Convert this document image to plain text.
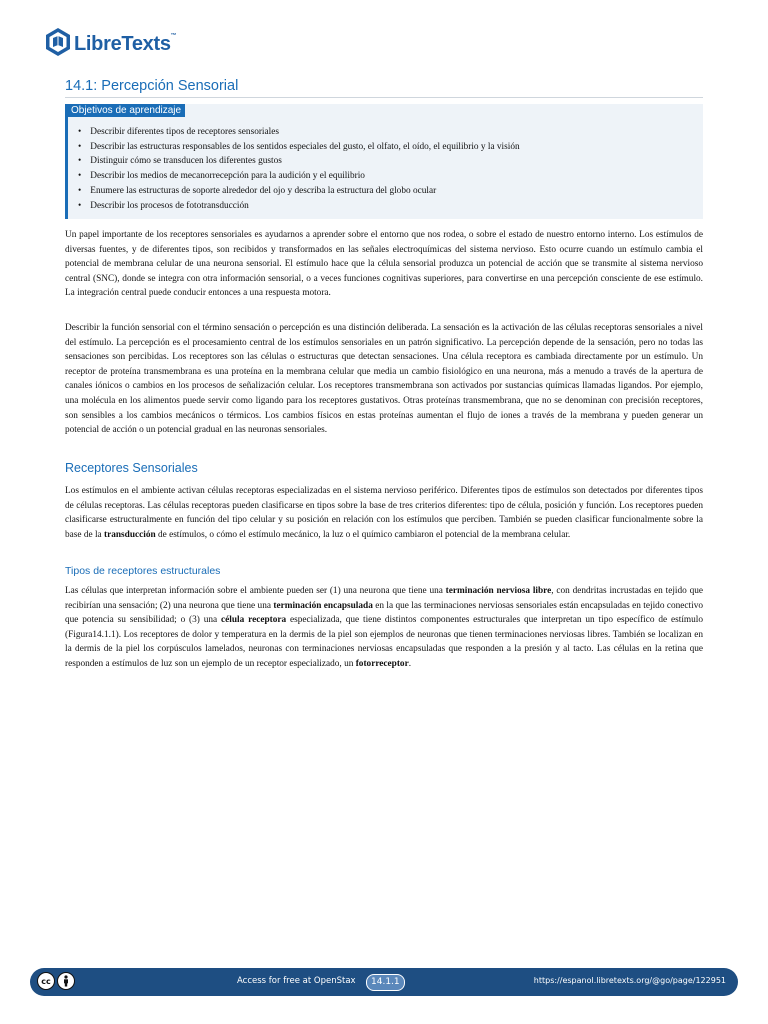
LibreTexts™
14.1: Percepción Sensorial
Objetivos de aprendizaje
• Describir diferentes tipos de receptores sensoriales
• Describir las estructuras responsables de los sentidos especiales del gusto, el olfato, el oído, el equilibrio y la visión
• Distinguir cómo se transducen los diferentes gustos
• Describir los medios de mecanorrecepción para la audición y el equilibrio
• Enumere las estructuras de soporte alrededor del ojo y describa la estructura del globo ocular
• Describir los procesos de fototransducción

Un papel importante de los receptores sensoriales es ayudarnos a aprender sobre el entorno que nos rodea, o sobre el estado de nuestro entorno interno. Los estímulos de diversas fuentes, y de diferentes tipos, son recibidos y transformados en las señales electroquímicas del sistema nervioso. Esto ocurre cuando un estímulo cambia el potencial de membrana celular de una neurona sensorial. El estímulo hace que la célula sensorial produzca un potencial de acción que se transmite al sistema nervioso central (SNC), donde se integra con otra información sensorial, o a veces funciones cognitivas superiores, para convertirse en una percepción consciente de ese estímulo. La integración central puede conducir entonces a una respuesta motora.

Describir la función sensorial con el término sensación o percepción es una distinción deliberada. La sensación es la activación de las células receptoras sensoriales a nivel del estímulo. La percepción es el procesamiento central de los estímulos sensoriales en un patrón significativo. La percepción depende de la sensación, pero no todas las sensaciones son percibidas. Los receptores son las células o estructuras que detectan sensaciones. Una célula receptora es cambiada directamente por un estímulo. Un receptor de proteína transmembrana es una proteína en la membrana celular que media un cambio fisiológico en una neurona, más a menudo a través de la apertura de canales iónicos o cambios en los procesos de señalización celular. Los receptores transmembrana son activados por sustancias químicas llamadas ligandos. Por ejemplo, una molécula en los alimentos puede servir como ligando para los receptores gustativos. Otras proteínas transmembrana, que no se denominan con precisión receptores, son sensibles a los cambios mecánicos o térmicos. Los cambios físicos en estas proteínas aumentan el flujo de iones a través de la membrana y pueden generar un potencial de acción o un potencial gradual en las neuronas sensoriales.

Receptores Sensoriales

Los estímulos en el ambiente activan células receptoras especializadas en el sistema nervioso periférico. Diferentes tipos de estímulos son detectados por diferentes tipos de células receptoras. Las células receptoras pueden clasificarse en tipos sobre la base de tres criterios diferentes: tipo de célula, posición y función. Los receptores pueden clasificarse estructuralmente en función del tipo celular y su posición en relación con los estímulos que perciben. También se pueden clasificar funcionalmente sobre la base de la transducción de estímulos, o cómo el estímulo mecánico, la luz o el químico cambiaron el potencial de la membrana celular.

Tipos de receptores estructurales

Las células que interpretan información sobre el ambiente pueden ser (1) una neurona que tiene una terminación nerviosa libre, con dendritas incrustadas en tejido que recibirían una sensación; (2) una neurona que tiene una terminación encapsulada en la que las terminaciones nerviosas sensoriales están encapsuladas en tejido conectivo que potencia su sensibilidad; o (3) una célula receptora especializada, que tiene distintos componentes estructurales que interpretan un tipo específico de estímulo (Figura14.1.1). Los receptores de dolor y temperatura en la dermis de la piel son ejemplos de neuronas que tienen terminaciones nerviosas libres. También se localizan en la dermis de la piel los corpúsculos lamelados, neuronas con terminaciones nerviosas encapsuladas que responden a la presión y al tacto. Las células en la retina que responden a estímulos de luz son un ejemplo de un receptor especializado, un fotorreceptor.

cc	Access for free at OpenStax	14.1.1	https://espanol.libretexts.org/@go/page/122951
